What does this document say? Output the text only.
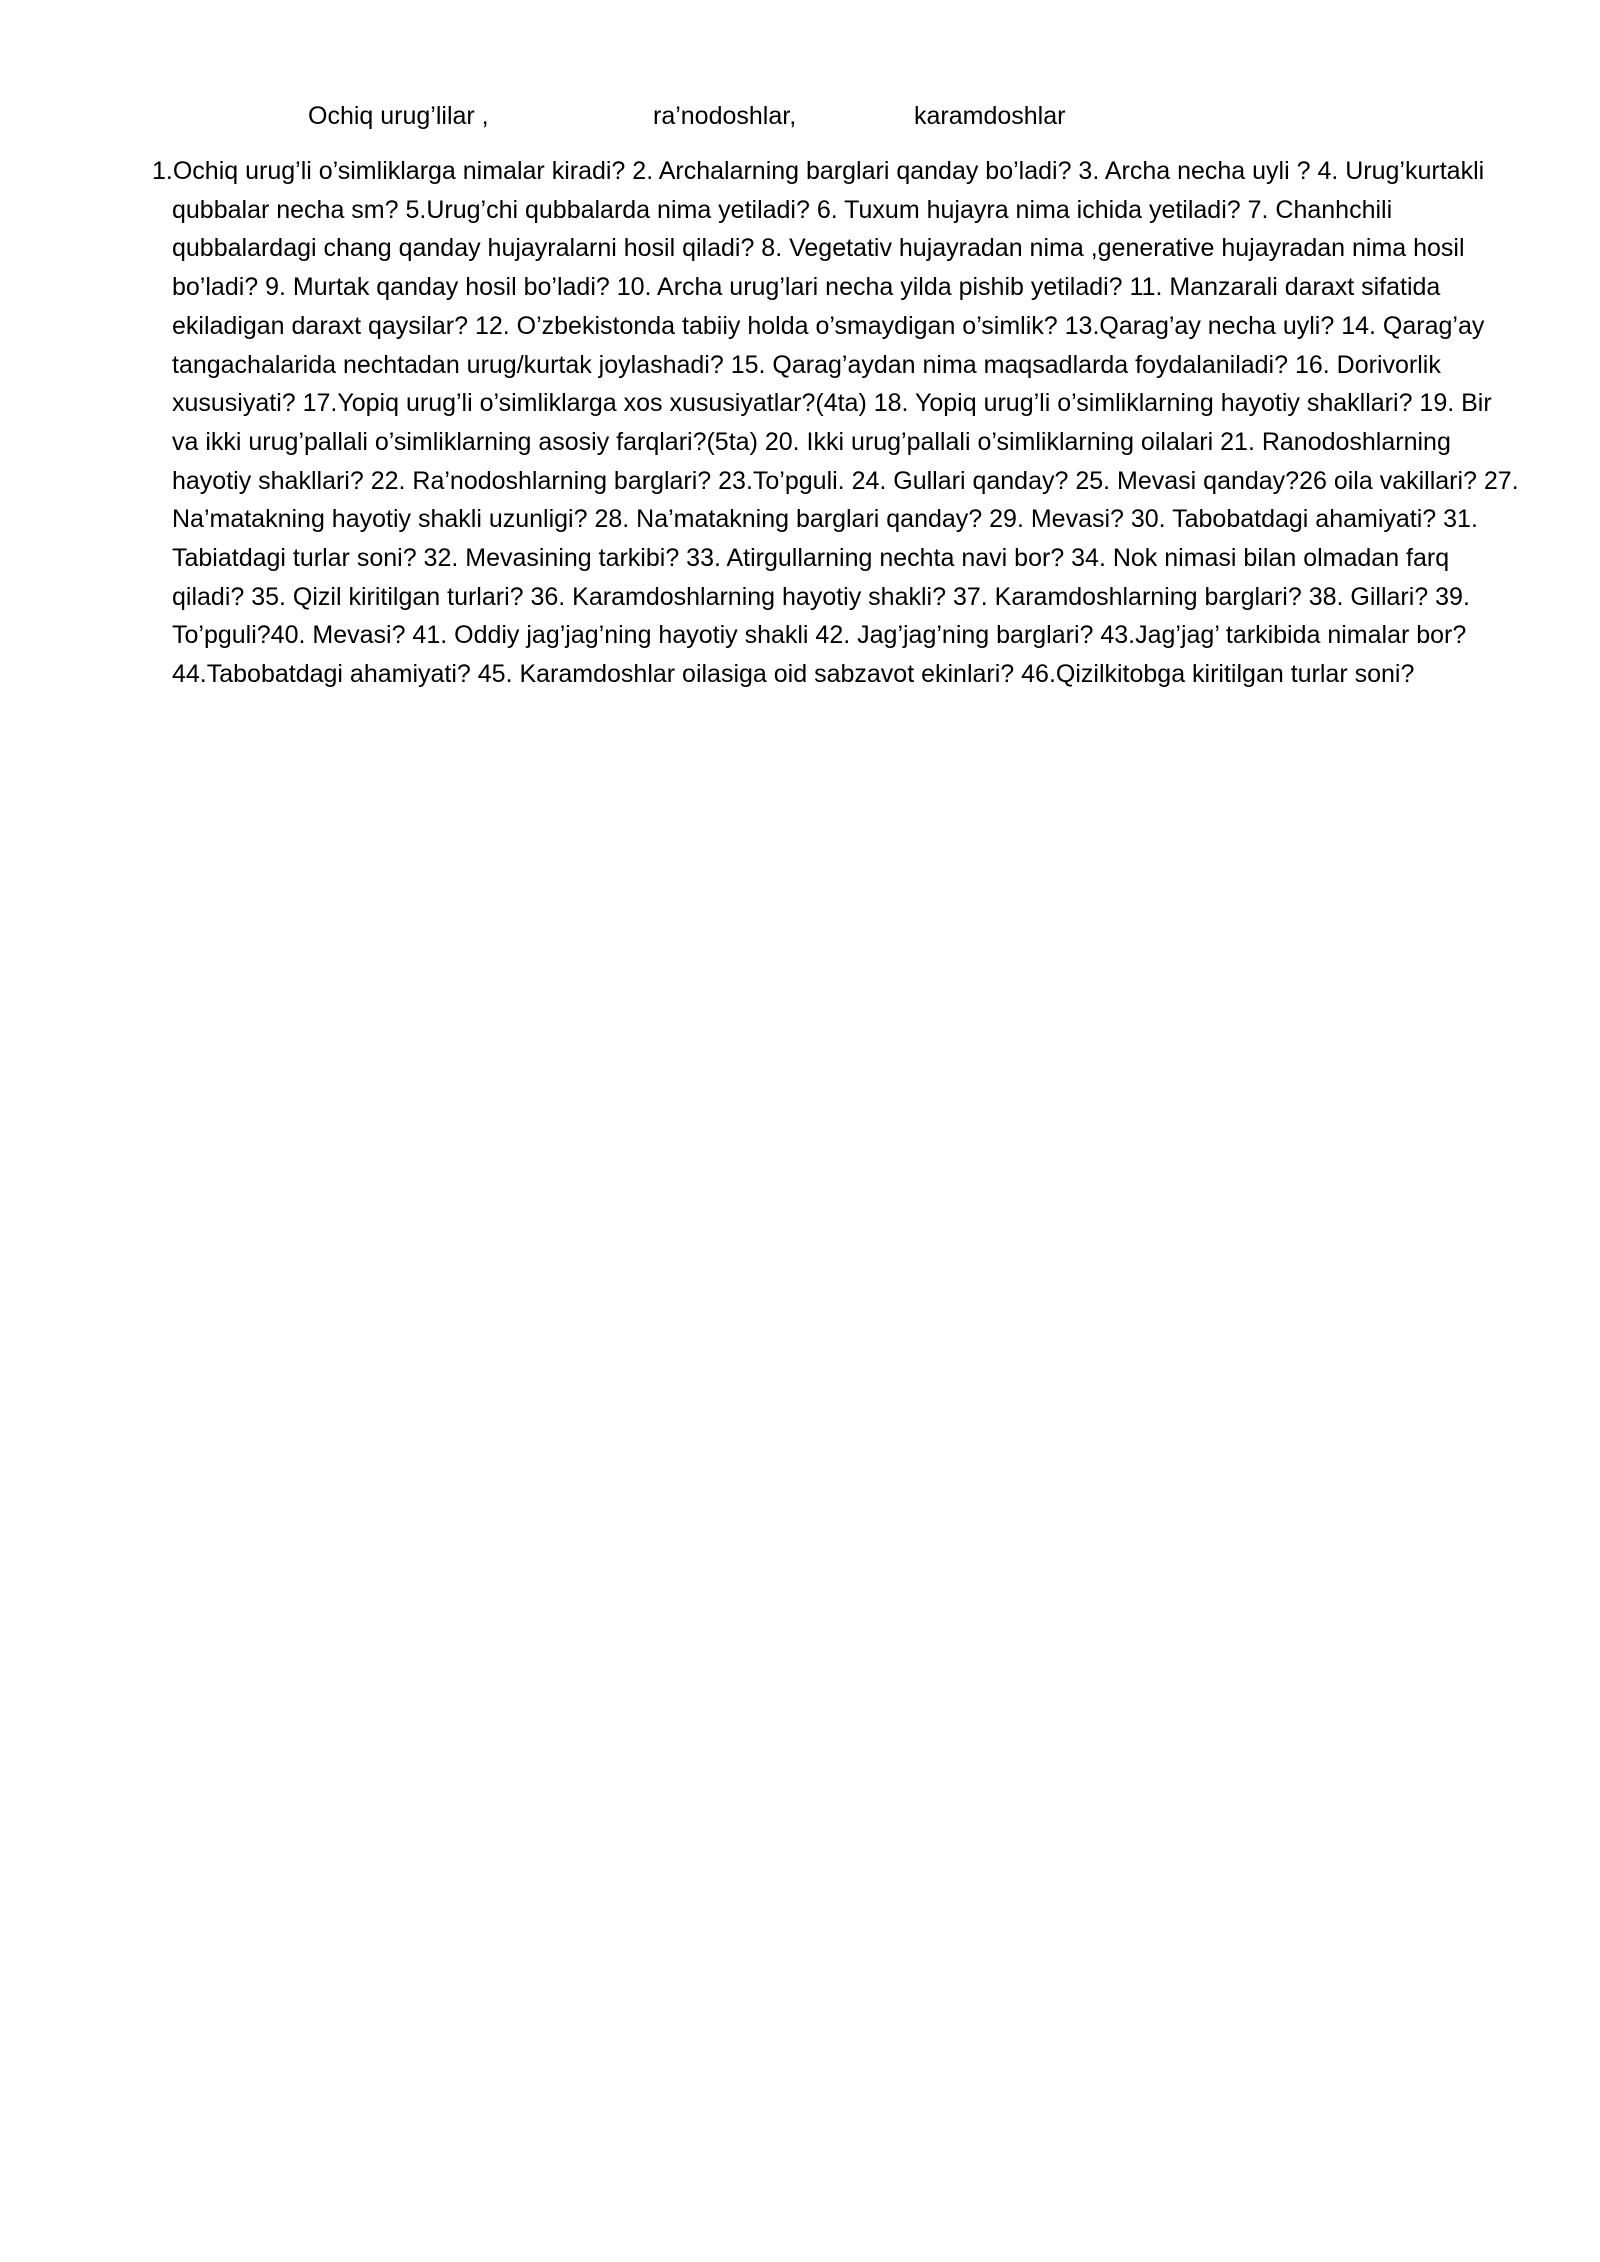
Ochiq urug’lilar ,	ra’nodoshlar,	karamdoshlar

1.Ochiq urug’li o’simliklarga nimalar kiradi? 2. Archalarning barglari qanday bo’ladi? 3. Archa necha uyli ? 4. Urug’kurtakli qubbalar necha sm? 5.Urug’chi qubbalarda nima yetiladi? 6. Tuxum hujayra nima ichida yetiladi? 7. Chanhchili qubbalardagi chang qanday hujayralarni hosil qiladi? 8. Vegetativ hujayradan nima ,generative hujayradan nima hosil bo’ladi? 9. Murtak qanday hosil bo’ladi? 10. Archa urug’lari necha yilda pishib yetiladi? 11. Manzarali daraxt sifatida ekiladigan daraxt qaysilar? 12. O’zbekistonda tabiiy holda o’smaydigan o’simlik? 13.Qarag’ay necha uyli? 14. Qarag’ay tangachalarida nechtadan urug/kurtak joylashadi? 15. Qarag’aydan nima maqsadlarda foydalaniladi? 16. Dorivorlik xususiyati? 17.Yopiq urug’li o’simliklarga xos xususiyatlar?(4ta) 18. Yopiq urug’li o’simliklarning hayotiy shakllari? 19. Bir va ikki urug’pallali o’simliklarning asosiy farqlari?(5ta) 20. Ikki urug’pallali o’simliklarning oilalari 21. Ranodoshlarning hayotiy shakllari? 22. Ra’nodoshlarning barglari? 23.To’pguli. 24. Gullari qanday? 25. Mevasi qanday?26 oila vakillari? 27. Na’matakning hayotiy shakli uzunligi? 28. Na’matakning barglari qanday? 29. Mevasi? 30. Tabobatdagi ahamiyati? 31. Tabiatdagi turlar soni? 32. Mevasining tarkibi? 33. Atirgullarning nechta navi bor? 34. Nok nimasi bilan olmadan farq qiladi? 35. Qizil kiritilgan turlari? 36. Karamdoshlarning hayotiy shakli? 37. Karamdoshlarning barglari? 38. Gillari? 39. To’pguli?40. Mevasi? 41. Oddiy jag’jag’ning hayotiy shakli 42. Jag’jag’ning barglari? 43.Jag’jag’ tarkibida nimalar bor? 44.Tabobatdagi ahamiyati? 45. Karamdoshlar oilasiga oid sabzavot ekinlari? 46.Qizilkitobga kiritilgan turlar soni?
